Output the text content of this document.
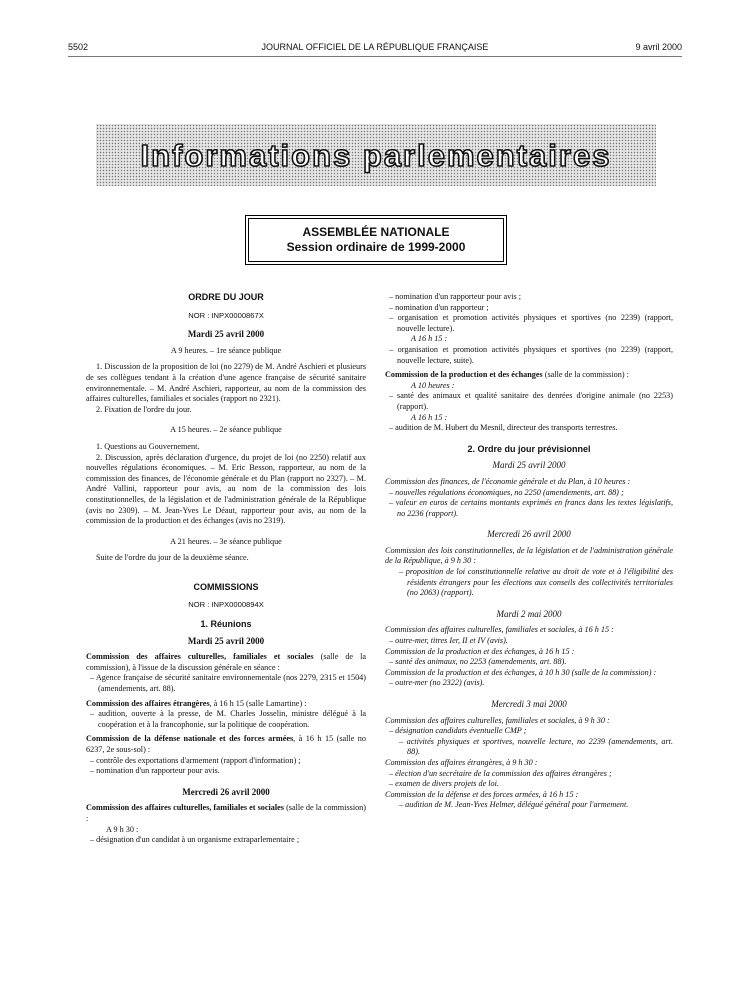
5502	JOURNAL OFFICIEL DE LA RÉPUBLIQUE FRANÇAISE	9 avril 2000
Informations parlementaires
ASSEMBLÉE NATIONALE
Session ordinaire de 1999-2000

ORDRE DU JOUR

NOR : INPX0000867X

Mardi 25 avril 2000

A 9 heures. – 1re séance publique

1. Discussion de la proposition de loi (no 2279) de M. André Aschieri et plusieurs de ses collègues tendant à la création d'une agence française de sécurité sanitaire environnementale. – M. André Aschieri, rapporteur, au nom de la commission des affaires culturelles, familiales et sociales (rapport no 2321).

2. Fixation de l'ordre du jour.

A 15 heures. – 2e séance publique

1. Questions au Gouvernement.

2. Discussion, après déclaration d'urgence, du projet de loi (no 2250) relatif aux nouvelles régulations économiques. – M. Eric Besson, rapporteur, au nom de la commission des finances, de l'économie générale et du Plan (rapport no 2327). – M. André Vallini, rapporteur pour avis, au nom de la commission des lois constitutionnelles, de la législation et de l'administration générale de la République (avis no 2309). – M. Jean-Yves Le Déaut, rapporteur pour avis, au nom de la commission de la production et des échanges (avis no 2319).

A 21 heures. – 3e séance publique

Suite de l'ordre du jour de la deuxième séance.

COMMISSIONS

NOR : INPX0000894X

1. Réunions

Mardi 25 avril 2000

Commission des affaires culturelles, familiales et sociales (salle de la commission), à l'issue de la discussion générale en séance :

– Agence française de sécurité sanitaire environnementale (nos 2279, 2315 et 1504) (amendements, art. 88).

Commission des affaires étrangères, à 16 h 15 (salle Lamartine) :

– audition, ouverte à la presse, de M. Charles Josselin, ministre délégué à la coopération et à la francophonie, sur la politique de coopération.

Commission de la défense nationale et des forces armées, à 16 h 15 (salle no 6237, 2e sous-sol) :

– contrôle des exportations d'armement (rapport d'information) ;

– nomination d'un rapporteur pour avis.

Mercredi 26 avril 2000

Commission des affaires culturelles, familiales et sociales (salle de la commission) :

A 9 h 30 :

– désignation d'un candidat à un organisme extraparlementaire ;

– nomination d'un rapporteur pour avis ;

– nomination d'un rapporteur ;

– organisation et promotion activités physiques et sportives (no 2239) (rapport, nouvelle lecture).

A 16 h 15 :

– organisation et promotion activités physiques et sportives (no 2239) (rapport, nouvelle lecture, suite).

Commission de la production et des échanges (salle de la commission) :

A 10 heures :

– santé des animaux et qualité sanitaire des denrées d'origine animale (no 2253) (rapport).

A 16 h 15 :

– audition de M. Hubert du Mesnil, directeur des transports terrestres.

2. Ordre du jour prévisionnel

Mardi 25 avril 2000

Commission des finances, de l'économie générale et du Plan, à 10 heures :

– nouvelles régulations économiques, no 2250 (amendements, art. 88) ;

– valeur en euros de certains montants exprimés en francs dans les textes législatifs, no 2236 (rapport).

Mercredi 26 avril 2000

Commission des lois constitutionnelles, de la législation et de l'administration générale de la République, à 9 h 30 :

– proposition de loi constitutionnelle relative au droit de vote et à l'éligibilité des résidents étrangers pour les élections aux conseils des collectivités territoriales (no 2063) (rapport).

Mardi 2 mai 2000

Commission des affaires culturelles, familiales et sociales, à 16 h 15 :

– outre-mer, titres Ier, II et IV (avis).

Commission de la production et des échanges, à 16 h 15 :

– santé des animaux, no 2253 (amendements, art. 88).

Commission de la production et des échanges, à 10 h 30 (salle de la commission) :

– outre-mer (no 2322) (avis).

Mercredi 3 mai 2000

Commission des affaires culturelles, familiales et sociales, à 9 h 30 :

– désignation candidats éventuelle CMP ;

– activités physiques et sportives, nouvelle lecture, no 2239 (amendements, art. 88).

Commission des affaires étrangères, à 9 h 30 :

– élection d'un secrétaire de la commission des affaires étrangères ;

– examen de divers projets de loi.

Commission de la défense et des forces armées, à 16 h 15 :

– audition de M. Jean-Yves Helmer, délégué général pour l'armement.
